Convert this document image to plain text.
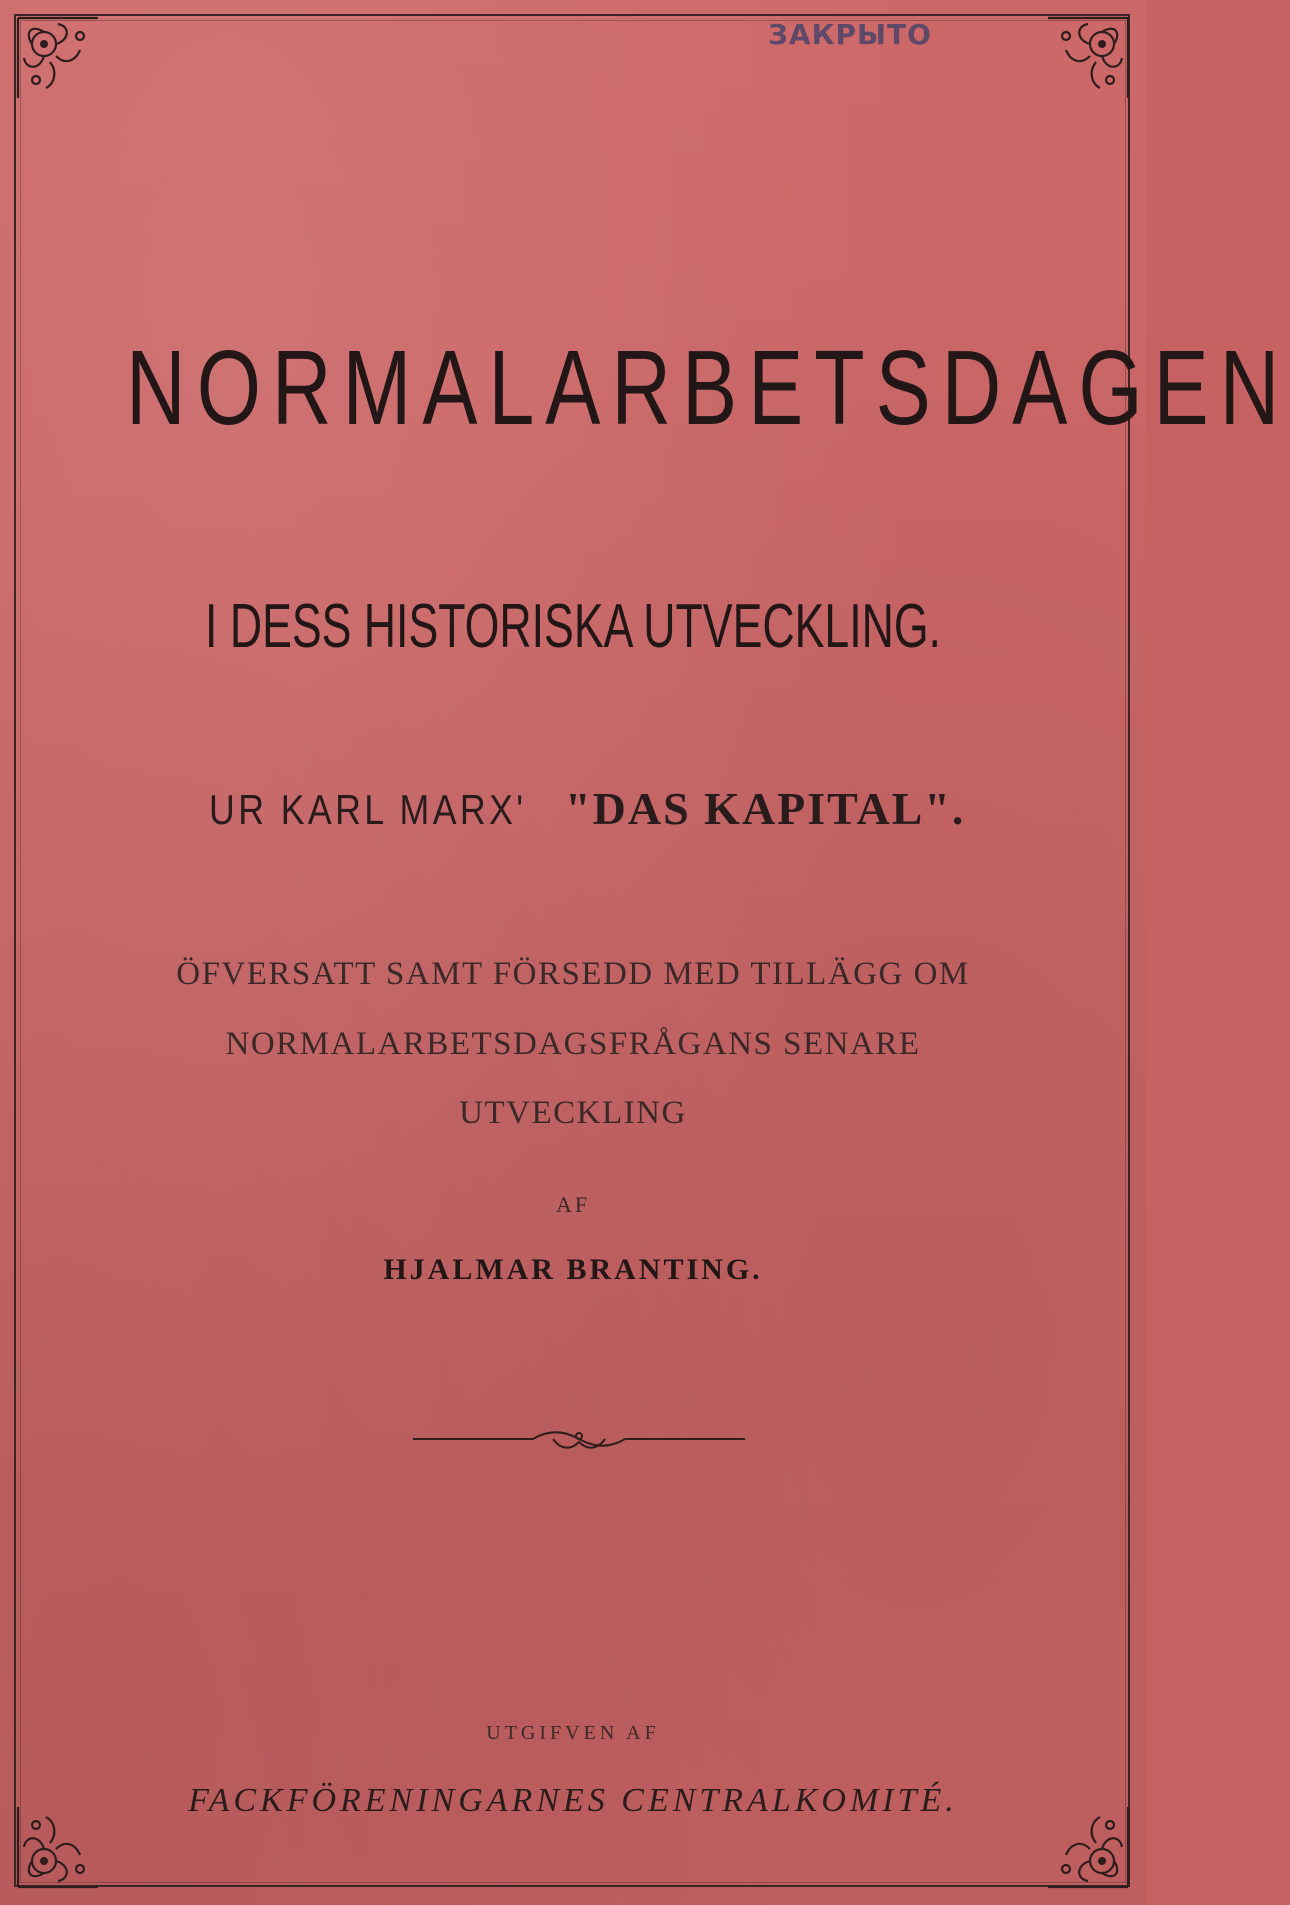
ЗАКРЫТО
NORMALARBETSDAGEN
I DESS HISTORISKA UTVECKLING.
UR KARL MARX' "DAS KAPITAL".
ÖFVERSATT SAMT FÖRSEDD MED TILLÄGG OM
NORMALARBETSDAGSFRÅGANS SENARE
UTVECKLING
AF
HJALMAR BRANTING.
UTGIFVEN AF
FACKFÖRENINGARNES CENTRALKOMITÉ.
